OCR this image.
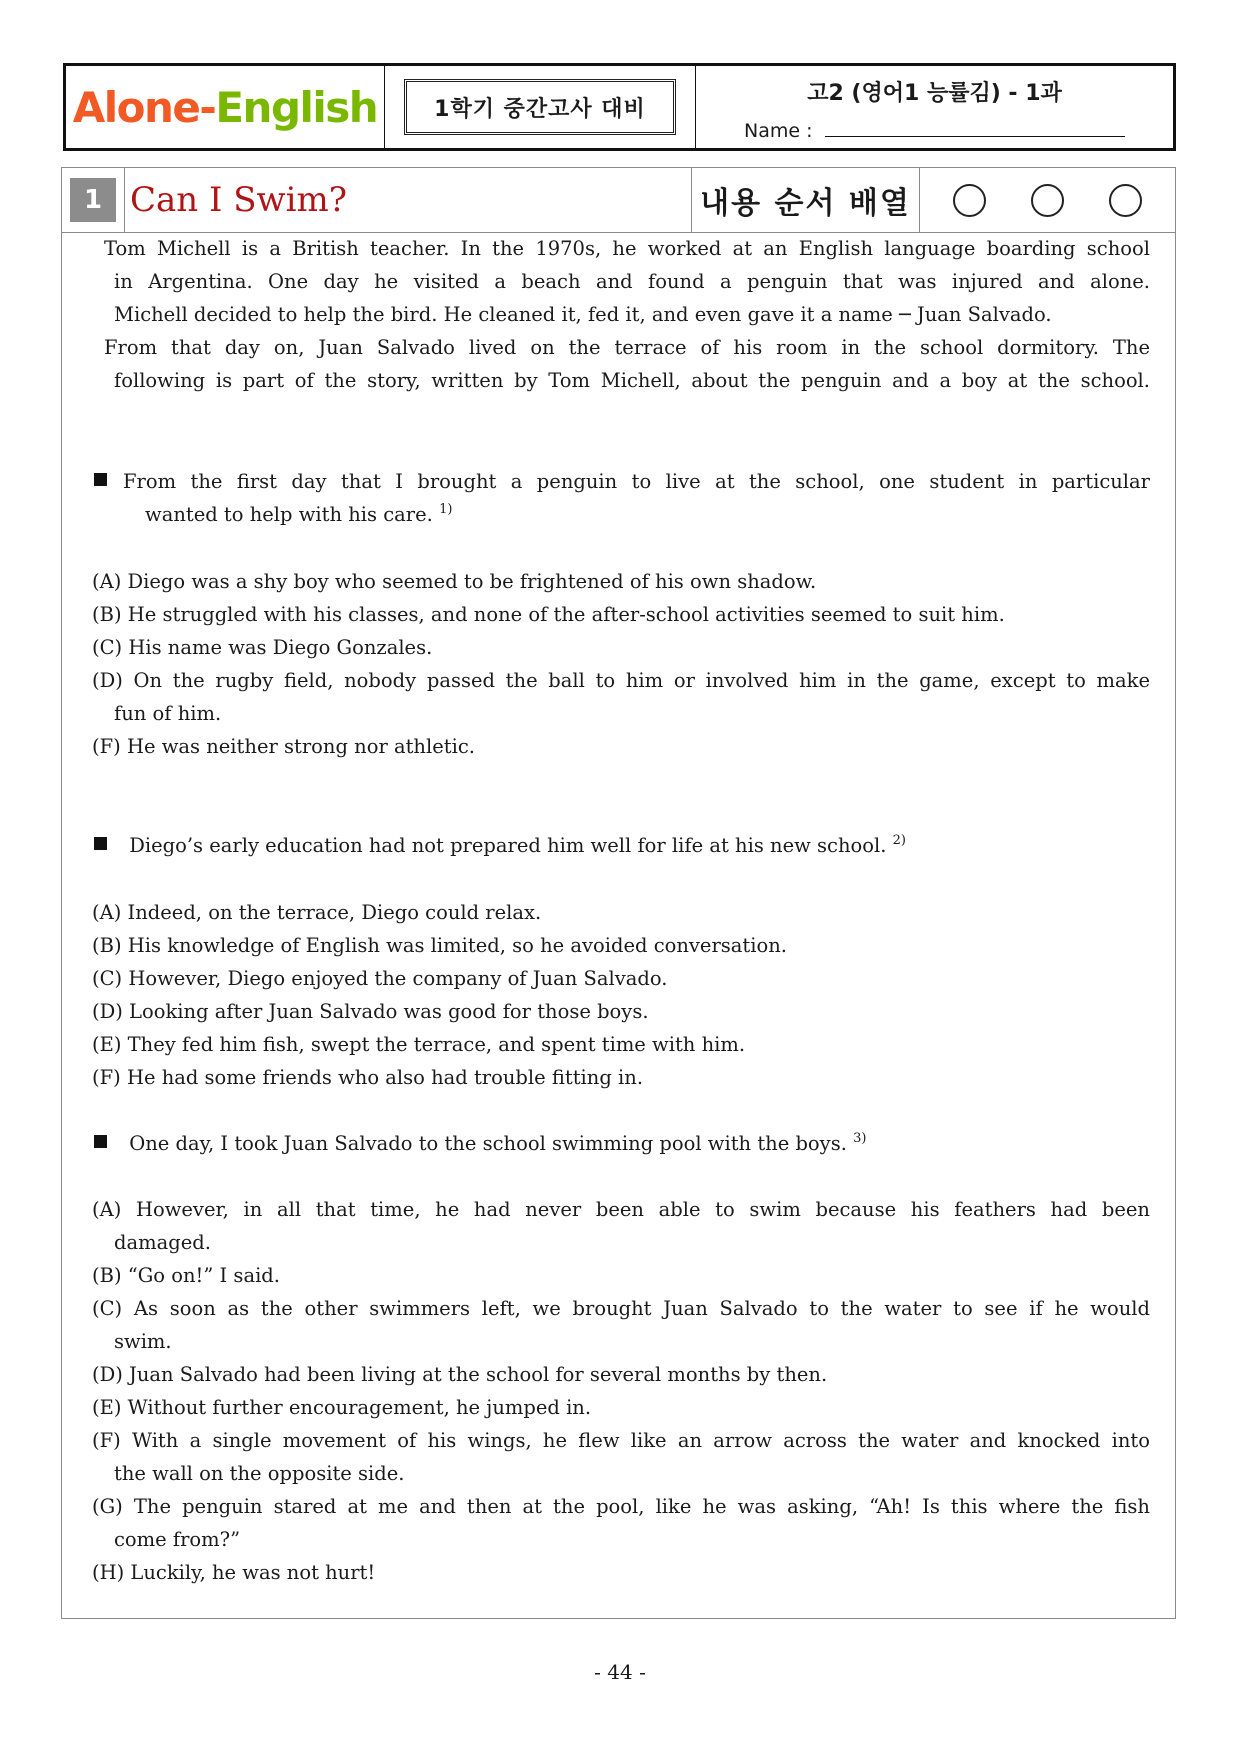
Alone - English	1학기 중간고사 대비
고2 (영어1 능률김) - 1과
Name :
1 Can I Swim?	내용 순서 배열
Tom Michell is a British teacher. In the 1970s, he worked at an English language boarding school
in Argentina. One day he visited a beach and found a penguin that was injured and alone.
Michell decided to help the bird. He cleaned it, fed it, and even gave it a name ─ Juan Salvado.
From that day on, Juan Salvado lived on the terrace of his room in the school dormitory. The
following is part of the story, written by Tom Michell, about the penguin and a boy at the school.
From the first day that I brought a penguin to live at the school, one student in particular
wanted to help with his care. $^{1)}$
(A) Diego was a shy boy who seemed to be frightened of his own shadow.
(B) He struggled with his classes, and none of the after-school activities seemed to suit him.
(C) His name was Diego Gonzales.
(D) On the rugby field, nobody passed the ball to him or involved him in the game, except to make
fun of him.
(F) He was neither strong nor athletic.
Diego’s early education had not prepared him well for life at his new school. $^{2)}$
(A) Indeed, on the terrace, Diego could relax.
(B) His knowledge of English was limited, so he avoided conversation.
(C) However, Diego enjoyed the company of Juan Salvado.
(D) Looking after Juan Salvado was good for those boys.
(E) They fed him fish, swept the terrace, and spent time with him.
(F) He had some friends who also had trouble fitting in.
One day, I took Juan Salvado to the school swimming pool with the boys. $^{3)}$
(A) However, in all that time, he had never been able to swim because his feathers had been
damaged.
(B) “Go on!” I said.
(C) As soon as the other swimmers left, we brought Juan Salvado to the water to see if he would
swim.
(D) Juan Salvado had been living at the school for several months by then.
(E) Without further encouragement, he jumped in.
(F) With a single movement of his wings, he flew like an arrow across the water and knocked into
the wall on the opposite side.
(G) The penguin stared at me and then at the pool, like he was asking, “Ah! Is this where the fish
come from?”
(H) Luckily, he was not hurt!
- 44 -
